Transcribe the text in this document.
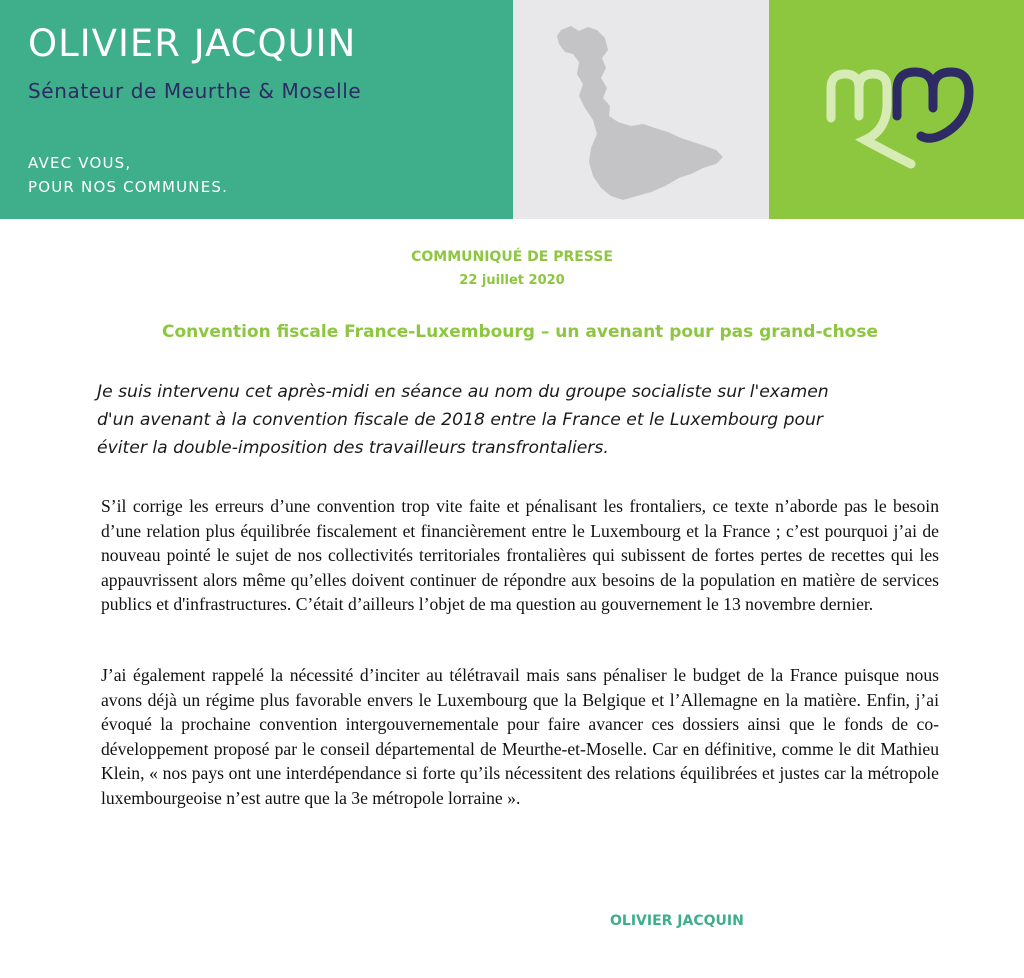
OLIVIER JACQUIN
Sénateur de Meurthe & Moselle
AVEC VOUS,
POUR NOS COMMUNES.
COMMUNIQUÉ DE PRESSE
22 juillet 2020
Convention fiscale France-Luxembourg – un avenant pour pas grand-chose
Je suis intervenu cet après-midi en séance au nom du groupe socialiste sur l'examen
d'un avenant à la convention fiscale de 2018 entre la France et le Luxembourg pour
éviter la double-imposition des travailleurs transfrontaliers.
S’il corrige les erreurs d’une convention trop vite faite et pénalisant les frontaliers, ce texte n’aborde pas le besoin d’une relation plus équilibrée fiscalement et financièrement entre le Luxembourg et la France ; c’est pourquoi j’ai de nouveau pointé le sujet de nos collectivités territoriales frontalières qui subissent de fortes pertes de recettes qui les appauvrissent alors même qu’elles doivent continuer de répondre aux besoins de la population en matière de services publics et d'infrastructures. C’était d’ailleurs l’objet de ma question au gouvernement le 13 novembre dernier.
J’ai également rappelé la nécessité d’inciter au télétravail mais sans pénaliser le budget de la France puisque nous avons déjà un régime plus favorable envers le Luxembourg que la Belgique et l’Allemagne en la matière. Enfin, j’ai évoqué la prochaine convention intergouvernementale pour faire avancer ces dossiers ainsi que le fonds de co-développement proposé par le conseil départemental de Meurthe-et-Moselle. Car en définitive, comme le dit Mathieu Klein, « nos pays ont une interdépendance si forte qu’ils nécessitent des relations équilibrées et justes car la métropole luxembourgeoise n’est autre que la 3e métropole lorraine ».
OLIVIER JACQUIN
